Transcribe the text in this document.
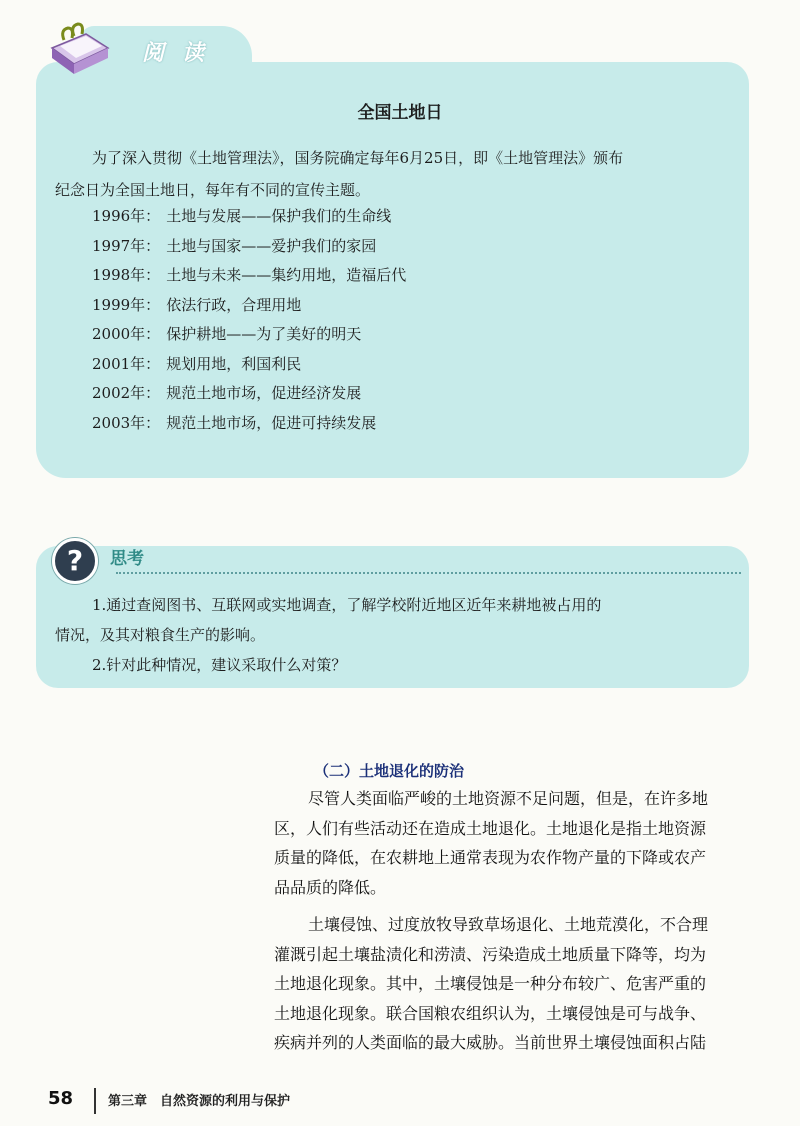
阅读
全国土地日
为了深入贯彻《土地管理法》，国务院确定每年6月25日，即《土地管理法》颁布
纪念日为全国土地日，每年有不同的宣传主题。
1996年： 土地与发展——保护我们的生命线
1997年： 土地与国家——爱护我们的家园
1998年： 土地与未来——集约用地，造福后代
1999年： 依法行政，合理用地
2000年： 保护耕地——为了美好的明天
2001年： 规划用地，利国利民
2002年： 规范土地市场，促进经济发展
2003年： 规范土地市场，促进可持续发展
?	思考
1.通过查阅图书、互联网或实地调查，了解学校附近地区近年来耕地被占用的
情况，及其对粮食生产的影响。
2.针对此种情况，建议采取什么对策？
（二）土地退化的防治
尽管人类面临严峻的土地资源不足问题，但是，在许多地
区，人们有些活动还在造成土地退化。土地退化是指土地资源
质量的降低，在农耕地上通常表现为农作物产量的下降或农产
品品质的降低。
土壤侵蚀、过度放牧导致草场退化、土地荒漠化，不合理
灌溉引起土壤盐渍化和涝渍、污染造成土地质量下降等，均为
土地退化现象。其中，土壤侵蚀是一种分布较广、危害严重的
土地退化现象。联合国粮农组织认为，土壤侵蚀是可与战争、
疾病并列的人类面临的最大威胁。当前世界土壤侵蚀面积占陆
58	第三章　自然资源的利用与保护
